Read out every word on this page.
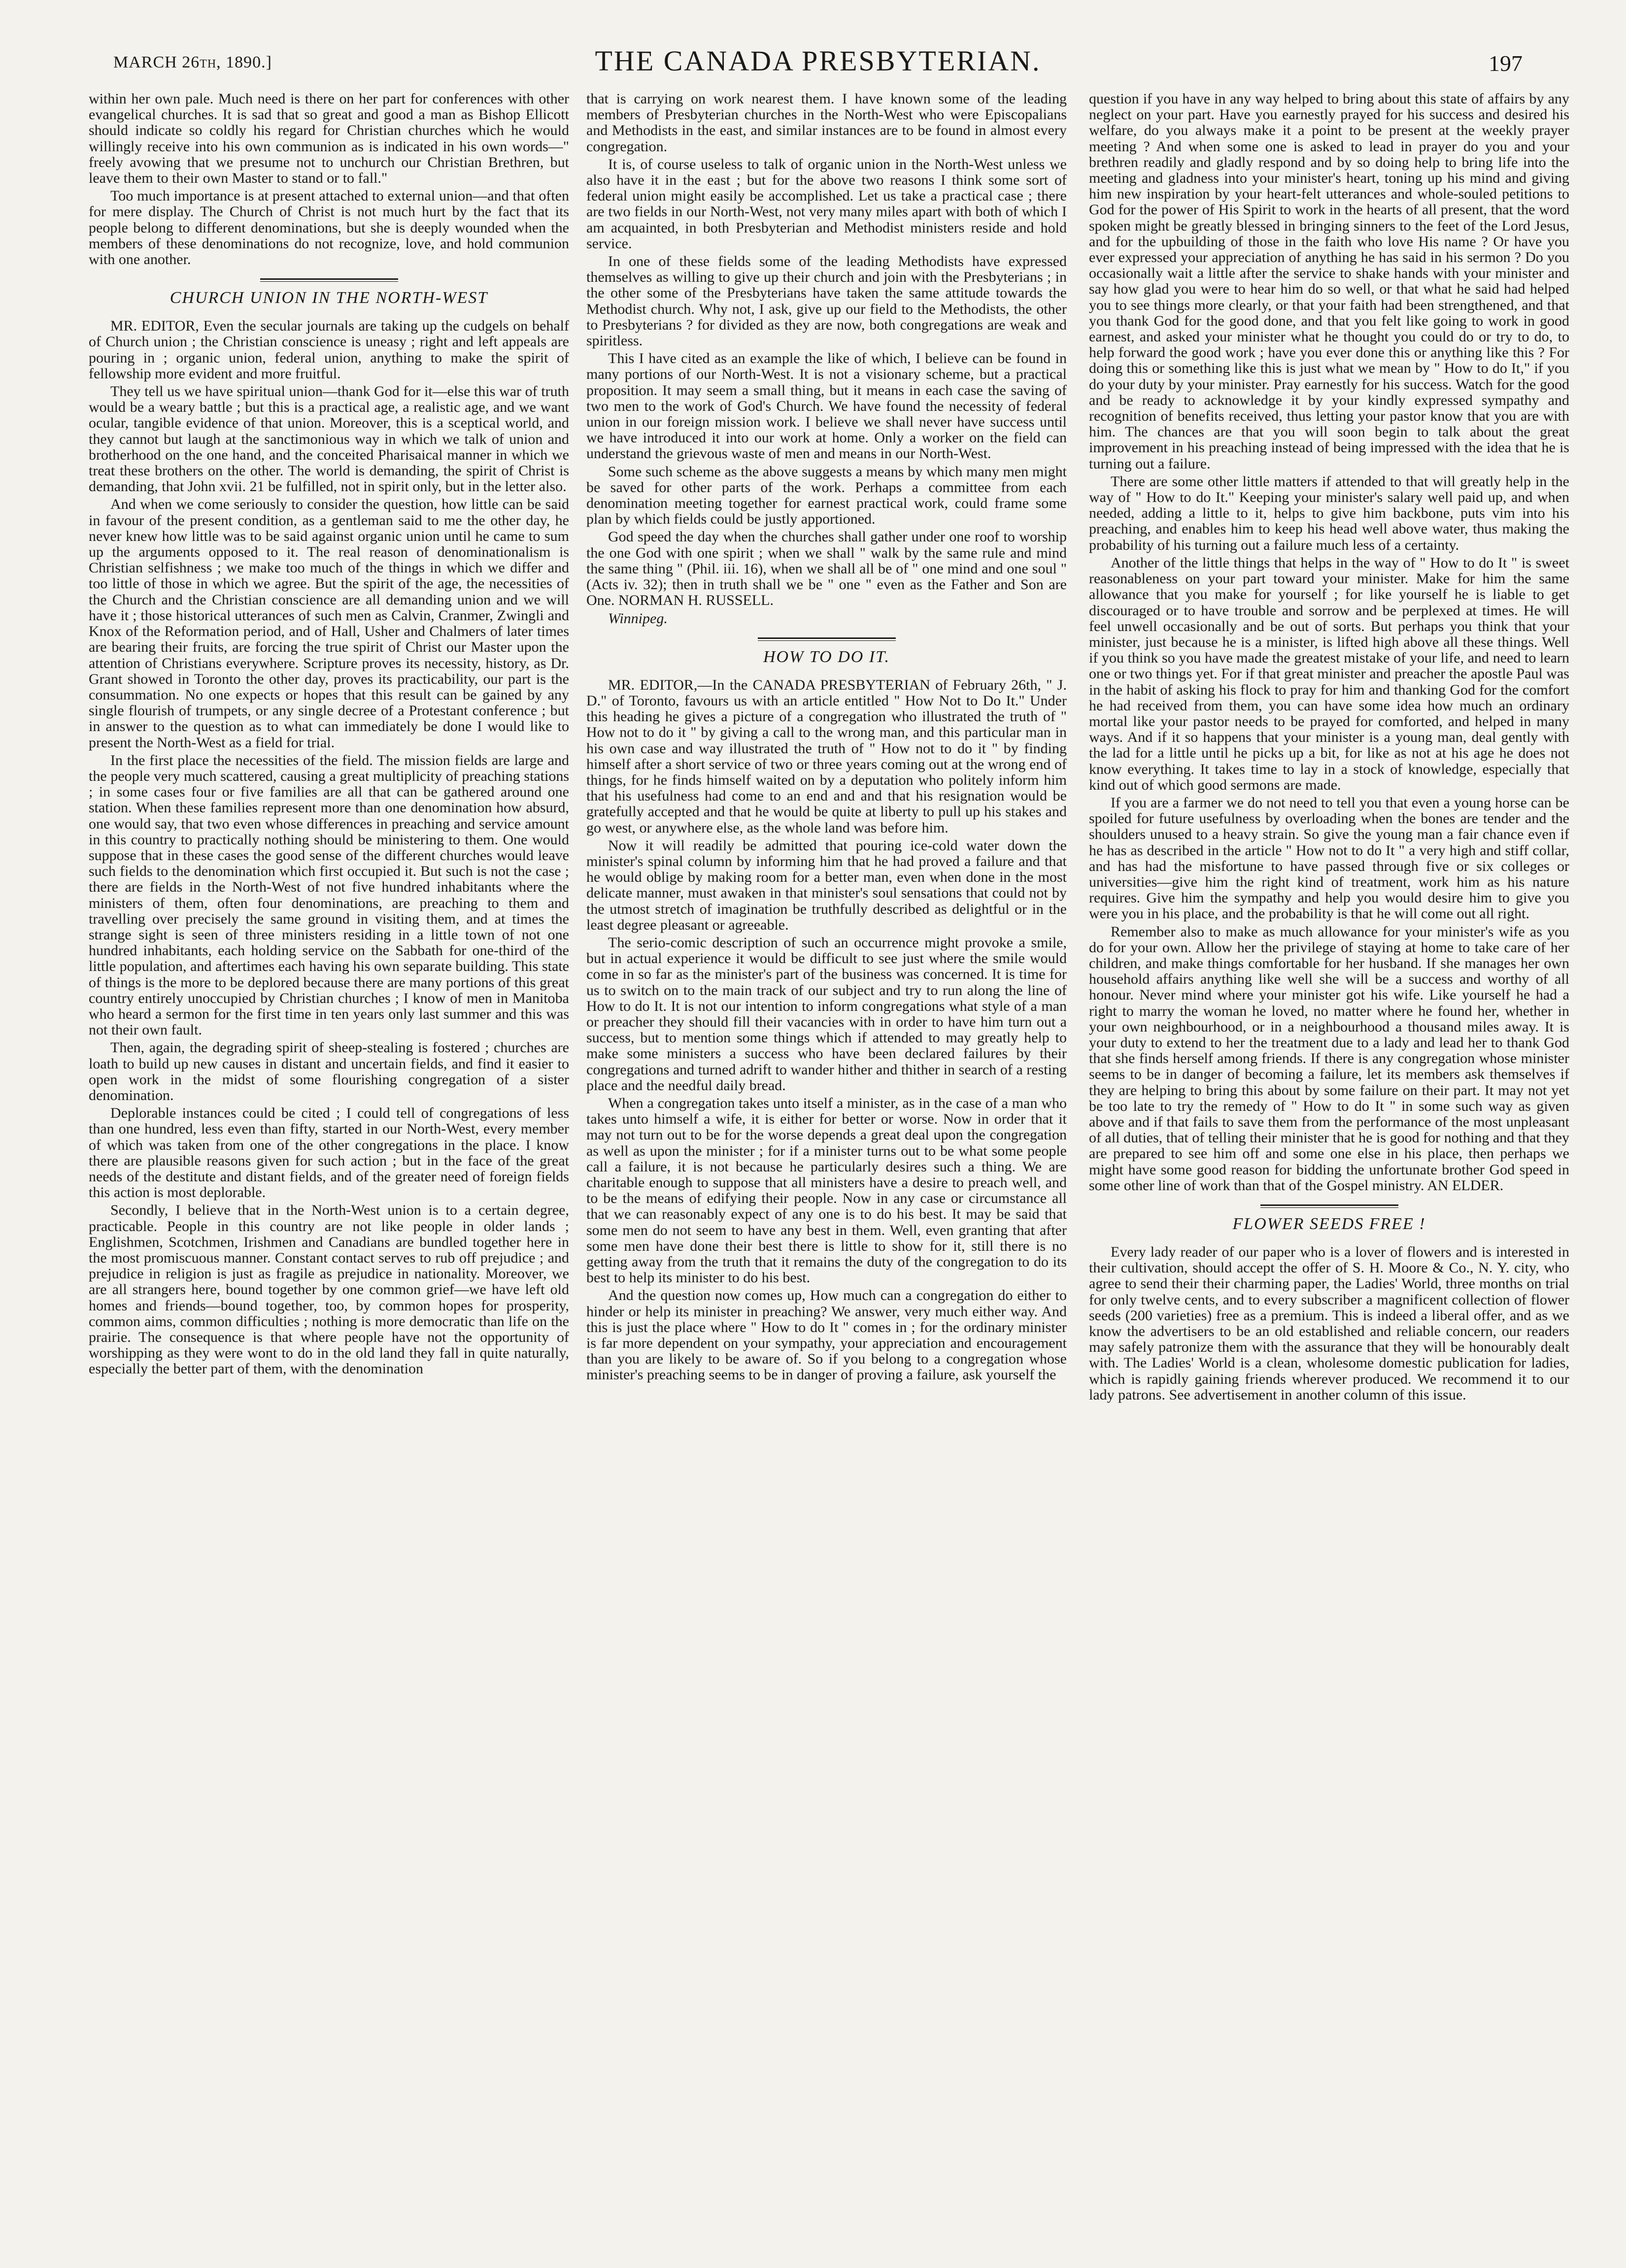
MARCH 26th, 1890.]	THE CANADA PRESBYTERIAN.	197

within her own pale. Much need is there on her part for conferences with other evangelical churches. It is sad that so great and good a man as Bishop Ellicott should indicate so coldly his regard for Christian churches which he would willingly receive into his own communion as is indicated in his own words—" freely avowing that we presume not to unchurch our Christian Brethren, but leave them to their own Master to stand or to fall."

Too much importance is at present attached to external union—and that often for mere display. The Church of Christ is not much hurt by the fact that its people belong to different denominations, but she is deeply wounded when the members of these denominations do not recognize, love, and hold communion with one another.

CHURCH UNION IN THE NORTH-WEST

MR. EDITOR, Even the secular journals are taking up the cudgels on behalf of Church union ; the Christian conscience is uneasy ; right and left appeals are pouring in ; organic union, federal union, anything to make the spirit of fellowship more evident and more fruitful.

They tell us we have spiritual union—thank God for it—else this war of truth would be a weary battle ; but this is a practical age, a realistic age, and we want ocular, tangible evidence of that union. Moreover, this is a sceptical world, and they cannot but laugh at the sanctimonious way in which we talk of union and brotherhood on the one hand, and the conceited Pharisaical manner in which we treat these brothers on the other. The world is demanding, the spirit of Christ is demanding, that John xvii. 21 be fulfilled, not in spirit only, but in the letter also.

And when we come seriously to consider the question, how little can be said in favour of the present condition, as a gentleman said to me the other day, he never knew how little was to be said against organic union until he came to sum up the arguments opposed to it. The real reason of denominationalism is Christian selfishness ; we make too much of the things in which we differ and too little of those in which we agree. But the spirit of the age, the necessities of the Church and the Christian conscience are all demanding union and we will have it ; those historical utterances of such men as Calvin, Cranmer, Zwingli and Knox of the Reformation period, and of Hall, Usher and Chalmers of later times are bearing their fruits, are forcing the true spirit of Christ our Master upon the attention of Christians everywhere. Scripture proves its necessity, history, as Dr. Grant showed in Toronto the other day, proves its practicability, our part is the consummation. No one expects or hopes that this result can be gained by any single flourish of trumpets, or any single decree of a Protestant conference ; but in answer to the question as to what can immediately be done I would like to present the North-West as a field for trial.

In the first place the necessities of the field. The mission fields are large and the people very much scattered, causing a great multiplicity of preaching stations ; in some cases four or five families are all that can be gathered around one station. When these families represent more than one denomination how absurd, one would say, that two even whose differences in preaching and service amount in this country to practically nothing should be ministering to them. One would suppose that in these cases the good sense of the different churches would leave such fields to the denomination which first occupied it. But such is not the case ; there are fields in the North-West of not five hundred inhabitants where the ministers of them, often four denominations, are preaching to them and travelling over precisely the same ground in visiting them, and at times the strange sight is seen of three ministers residing in a little town of not one hundred inhabitants, each holding service on the Sabbath for one-third of the little population, and aftertimes each having his own separate building. This state of things is the more to be deplored because there are many portions of this great country entirely unoccupied by Christian churches ; I know of men in Manitoba who heard a sermon for the first time in ten years only last summer and this was not their own fault.

Then, again, the degrading spirit of sheep-stealing is fostered ; churches are loath to build up new causes in distant and uncertain fields, and find it easier to open work in the midst of some flourishing congregation of a sister denomination.

Deplorable instances could be cited ; I could tell of congregations of less than one hundred, less even than fifty, started in our North-West, every member of which was taken from one of the other congregations in the place. I know there are plausible reasons given for such action ; but in the face of the great needs of the destitute and distant fields, and of the greater need of foreign fields this action is most deplorable.

Secondly, I believe that in the North-West union is to a certain degree, practicable. People in this country are not like people in older lands ; Englishmen, Scotchmen, Irishmen and Canadians are bundled together here in the most promiscuous manner. Constant contact serves to rub off prejudice ; and prejudice in religion is just as fragile as prejudice in nationality. Moreover, we are all strangers here, bound together by one common grief—we have left old homes and friends—bound together, too, by common hopes for prosperity, common aims, common difficulties ; nothing is more democratic than life on the prairie. The consequence is that where people have not the opportunity of worshipping as they were wont to do in the old land they fall in quite naturally, especially the better part of them, with the denomination

that is carrying on work nearest them. I have known some of the leading members of Presbyterian churches in the North-West who were Episcopalians and Methodists in the east, and similar instances are to be found in almost every congregation.

It is, of course useless to talk of organic union in the North-West unless we also have it in the east ; but for the above two reasons I think some sort of federal union might easily be accomplished. Let us take a practical case ; there are two fields in our North-West, not very many miles apart with both of which I am acquainted, in both Presbyterian and Methodist ministers reside and hold service.

In one of these fields some of the leading Methodists have expressed themselves as willing to give up their church and join with the Presbyterians ; in the other some of the Presbyterians have taken the same attitude towards the Methodist church. Why not, I ask, give up our field to the Methodists, the other to Presbyterians ? for divided as they are now, both congregations are weak and spiritless.

This I have cited as an example the like of which, I believe can be found in many portions of our North-West. It is not a visionary scheme, but a practical proposition. It may seem a small thing, but it means in each case the saving of two men to the work of God's Church. We have found the necessity of federal union in our foreign mission work. I believe we shall never have success until we have introduced it into our work at home. Only a worker on the field can understand the grievous waste of men and means in our North-West.

Some such scheme as the above suggests a means by which many men might be saved for other parts of the work. Perhaps a committee from each denomination meeting together for earnest practical work, could frame some plan by which fields could be justly apportioned.

God speed the day when the churches shall gather under one roof to worship the one God with one spirit ; when we shall " walk by the same rule and mind the same thing " (Phil. iii. 16), when we shall all be of " one mind and one soul " (Acts iv. 32); then in truth shall we be " one " even as the Father and Son are One. NORMAN H. RUSSELL.

Winnipeg.

HOW TO DO IT.

MR. EDITOR,—In the CANADA PRESBYTERIAN of February 26th, " J. D." of Toronto, favours us with an article entitled " How Not to Do It." Under this heading he gives a picture of a congregation who illustrated the truth of " How not to do it " by giving a call to the wrong man, and this particular man in his own case and way illustrated the truth of " How not to do it " by finding himself after a short service of two or three years coming out at the wrong end of things, for he finds himself waited on by a deputation who politely inform him that his usefulness had come to an end and and that his resignation would be gratefully accepted and that he would be quite at liberty to pull up his stakes and go west, or anywhere else, as the whole land was before him.

Now it will readily be admitted that pouring ice-cold water down the minister's spinal column by informing him that he had proved a failure and that he would oblige by making room for a better man, even when done in the most delicate manner, must awaken in that minister's soul sensations that could not by the utmost stretch of imagination be truthfully described as delightful or in the least degree pleasant or agreeable.

The serio-comic description of such an occurrence might provoke a smile, but in actual experience it would be difficult to see just where the smile would come in so far as the minister's part of the business was concerned. It is time for us to switch on to the main track of our subject and try to run along the line of How to do It. It is not our intention to inform congregations what style of a man or preacher they should fill their vacancies with in order to have him turn out a success, but to mention some things which if attended to may greatly help to make some ministers a success who have been declared failures by their congregations and turned adrift to wander hither and thither in search of a resting place and the needful daily bread.

When a congregation takes unto itself a minister, as in the case of a man who takes unto himself a wife, it is either for better or worse. Now in order that it may not turn out to be for the worse depends a great deal upon the congregation as well as upon the minister ; for if a minister turns out to be what some people call a failure, it is not because he particularly desires such a thing. We are charitable enough to suppose that all ministers have a desire to preach well, and to be the means of edifying their people. Now in any case or circumstance all that we can reasonably expect of any one is to do his best. It may be said that some men do not seem to have any best in them. Well, even granting that after some men have done their best there is little to show for it, still there is no getting away from the truth that it remains the duty of the congregation to do its best to help its minister to do his best.

And the question now comes up, How much can a congregation do either to hinder or help its minister in preaching? We answer, very much either way. And this is just the place where " How to do It " comes in ; for the ordinary minister is far more dependent on your sympathy, your appreciation and encouragement than you are likely to be aware of. So if you belong to a congregation whose minister's preaching seems to be in danger of proving a failure, ask yourself the

question if you have in any way helped to bring about this state of affairs by any neglect on your part. Have you earnestly prayed for his success and desired his welfare, do you always make it a point to be present at the weekly prayer meeting ? And when some one is asked to lead in prayer do you and your brethren readily and gladly respond and by so doing help to bring life into the meeting and gladness into your minister's heart, toning up his mind and giving him new inspiration by your heart-felt utterances and whole-souled petitions to God for the power of His Spirit to work in the hearts of all present, that the word spoken might be greatly blessed in bringing sinners to the feet of the Lord Jesus, and for the upbuilding of those in the faith who love His name ? Or have you ever expressed your appreciation of anything he has said in his sermon ? Do you occasionally wait a little after the service to shake hands with your minister and say how glad you were to hear him do so well, or that what he said had helped you to see things more clearly, or that your faith had been strengthened, and that you thank God for the good done, and that you felt like going to work in good earnest, and asked your minister what he thought you could do or try to do, to help forward the good work ; have you ever done this or anything like this ? For doing this or something like this is just what we mean by " How to do It," if you do your duty by your minister. Pray earnestly for his success. Watch for the good and be ready to acknowledge it by your kindly expressed sympathy and recognition of benefits received, thus letting your pastor know that you are with him. The chances are that you will soon begin to talk about the great improvement in his preaching instead of being impressed with the idea that he is turning out a failure.

There are some other little matters if attended to that will greatly help in the way of " How to do It." Keeping your minister's salary well paid up, and when needed, adding a little to it, helps to give him backbone, puts vim into his preaching, and enables him to keep his head well above water, thus making the probability of his turning out a failure much less of a certainty.

Another of the little things that helps in the way of " How to do It " is sweet reasonableness on your part toward your minister. Make for him the same allowance that you make for yourself ; for like yourself he is liable to get discouraged or to have trouble and sorrow and be perplexed at times. He will feel unwell occasionally and be out of sorts. But perhaps you think that your minister, just because he is a minister, is lifted high above all these things. Well if you think so you have made the greatest mistake of your life, and need to learn one or two things yet. For if that great minister and preacher the apostle Paul was in the habit of asking his flock to pray for him and thanking God for the comfort he had received from them, you can have some idea how much an ordinary mortal like your pastor needs to be prayed for comforted, and helped in many ways. And if it so happens that your minister is a young man, deal gently with the lad for a little until he picks up a bit, for like as not at his age he does not know everything. It takes time to lay in a stock of knowledge, especially that kind out of which good sermons are made.

If you are a farmer we do not need to tell you that even a young horse can be spoiled for future usefulness by overloading when the bones are tender and the shoulders unused to a heavy strain. So give the young man a fair chance even if he has as described in the article " How not to do It " a very high and stiff collar, and has had the misfortune to have passed through five or six colleges or universities—give him the right kind of treatment, work him as his nature requires. Give him the sympathy and help you would desire him to give you were you in his place, and the probability is that he will come out all right.

Remember also to make as much allowance for your minister's wife as you do for your own. Allow her the privilege of staying at home to take care of her children, and make things comfortable for her husband. If she manages her own household affairs anything like well she will be a success and worthy of all honour. Never mind where your minister got his wife. Like yourself he had a right to marry the woman he loved, no matter where he found her, whether in your own neighbourhood, or in a neighbourhood a thousand miles away. It is your duty to extend to her the treatment due to a lady and lead her to thank God that she finds herself among friends. If there is any congregation whose minister seems to be in danger of becoming a failure, let its members ask themselves if they are helping to bring this about by some failure on their part. It may not yet be too late to try the remedy of " How to do It " in some such way as given above and if that fails to save them from the performance of the most unpleasant of all duties, that of telling their minister that he is good for nothing and that they are prepared to see him off and some one else in his place, then perhaps we might have some good reason for bidding the unfortunate brother God speed in some other line of work than that of the Gospel ministry. AN ELDER.

FLOWER SEEDS FREE !

Every lady reader of our paper who is a lover of flowers and is interested in their cultivation, should accept the offer of S. H. Moore & Co., N. Y. city, who agree to send their their charming paper, the Ladies' World, three months on trial for only twelve cents, and to every subscriber a magnificent collection of flower seeds (200 varieties) free as a premium. This is indeed a liberal offer, and as we know the advertisers to be an old established and reliable concern, our readers may safely patronize them with the assurance that they will be honourably dealt with. The Ladies' World is a clean, wholesome domestic publication for ladies, which is rapidly gaining friends wherever produced. We recommend it to our lady patrons. See advertisement in another column of this issue.
